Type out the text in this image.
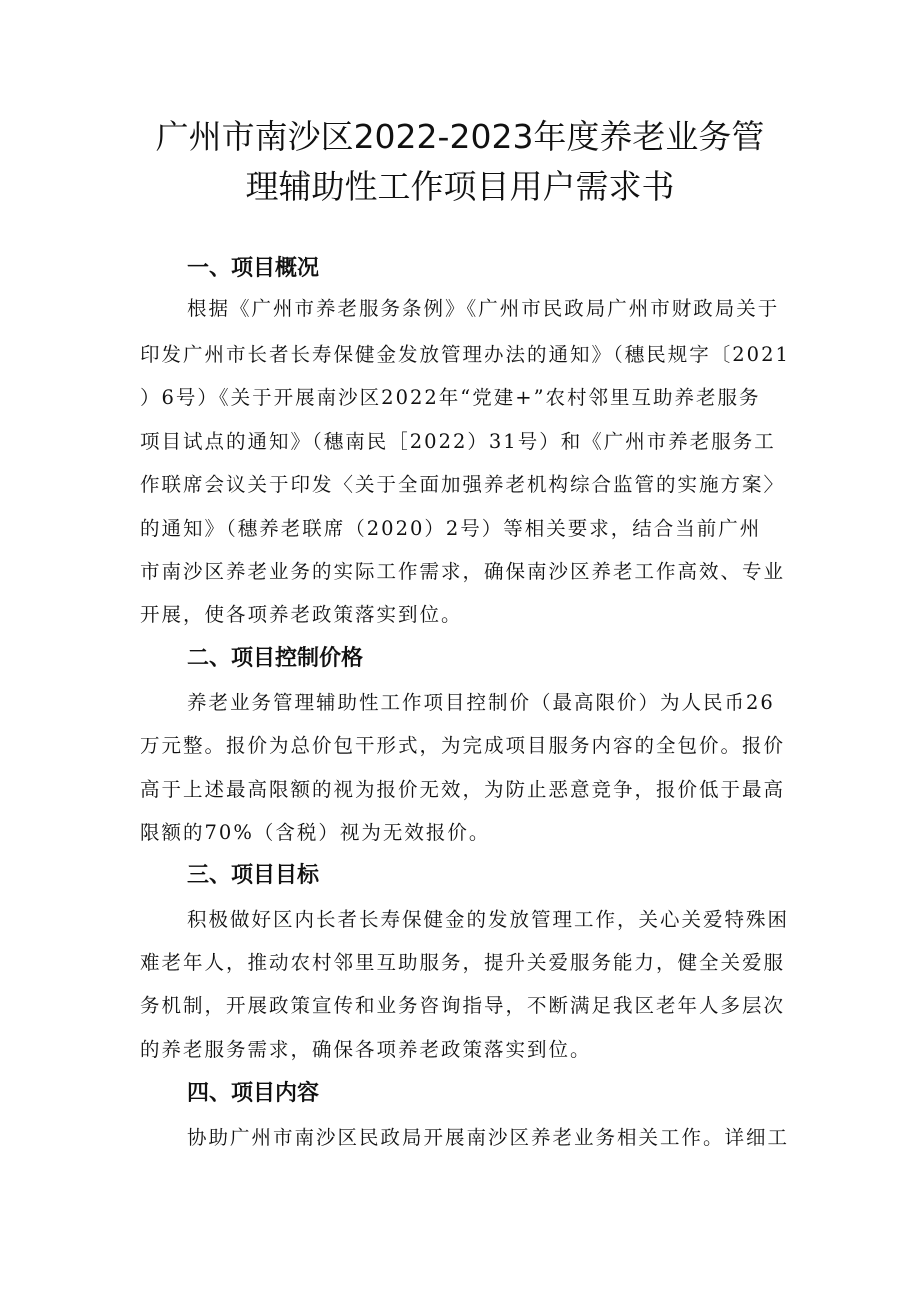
广州市南沙区2022-2023年度养老业务管
理辅助性工作项目用户需求书
一、项目概况
根据《广州市养老服务条例》《广州市民政局广州市财政局关于
印发广州市长者长寿保健金发放管理办法的通知》（穗民规字〔2021
）6号）《关于开展南沙区2022年“党建+”农村邻里互助养老服务
项目试点的通知》（穗南民［2022）31号）和《广州市养老服务工
作联席会议关于印发〈关于全面加强养老机构综合监管的实施方案〉
的通知》（穗养老联席（2020）2号）等相关要求，结合当前广州
市南沙区养老业务的实际工作需求，确保南沙区养老工作高效、专业
开展，使各项养老政策落实到位。
二、项目控制价格
养老业务管理辅助性工作项目控制价（最高限价）为人民币26
万元整。报价为总价包干形式，为完成项目服务内容的全包价。报价
高于上述最高限额的视为报价无效，为防止恶意竞争，报价低于最高
限额的70%（含税）视为无效报价。
三、项目目标
积极做好区内长者长寿保健金的发放管理工作，关心关爱特殊困
难老年人，推动农村邻里互助服务，提升关爱服务能力，健全关爱服
务机制，开展政策宣传和业务咨询指导，不断满足我区老年人多层次
的养老服务需求，确保各项养老政策落实到位。
四、项目内容
协助广州市南沙区民政局开展南沙区养老业务相关工作。详细工
